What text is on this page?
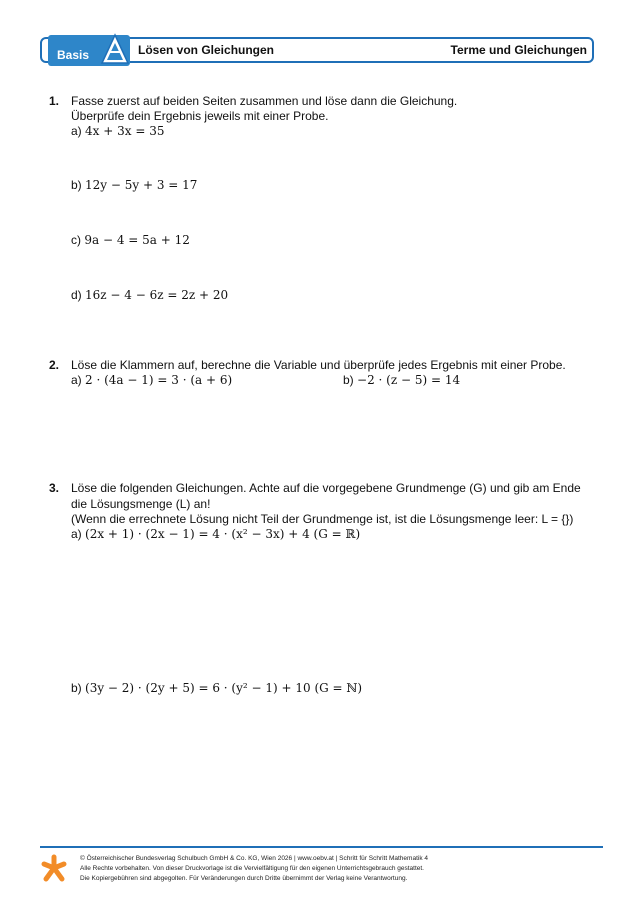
Basis	Lösen von Gleichungen	Terme und Gleichungen
1. Fasse zuerst auf beiden Seiten zusammen und löse dann die Gleichung.
Überprüfe dein Ergebnis jeweils mit einer Probe.
a) 4x + 3x = 35
b) 12y − 5y + 3 = 17
c) 9a − 4 = 5a + 12
d) 16z − 4 − 6z = 2z + 20
2. Löse die Klammern auf, berechne die Variable und überprüfe jedes Ergebnis mit einer Probe.
a) 2 · (4a − 1) = 3 · (a + 6)	b) −2 · (z − 5) = 14
3. Löse die folgenden Gleichungen. Achte auf die vorgegebene Grundmenge (G) und gib am Ende
die Lösungsmenge (L) an!
(Wenn die errechnete Lösung nicht Teil der Grundmenge ist, ist die Lösungsmenge leer: L = {})
a) (2x + 1) · (2x − 1) = 4 · (x² − 3x) + 4 (G = ℝ)
b) (3y − 2) · (2y + 5) = 6 · (y² − 1) + 10 (G = ℕ)
© Österreichischer Bundesverlag Schulbuch GmbH & Co. KG, Wien 2026 | www.oebv.at | Schritt für Schritt Mathematik 4
Alle Rechte vorbehalten. Von dieser Druckvorlage ist die Vervielfältigung für den eigenen Unterrichtsgebrauch gestattet.
Die Kopiergebühren sind abgegolten. Für Veränderungen durch Dritte übernimmt der Verlag keine Verantwortung.
